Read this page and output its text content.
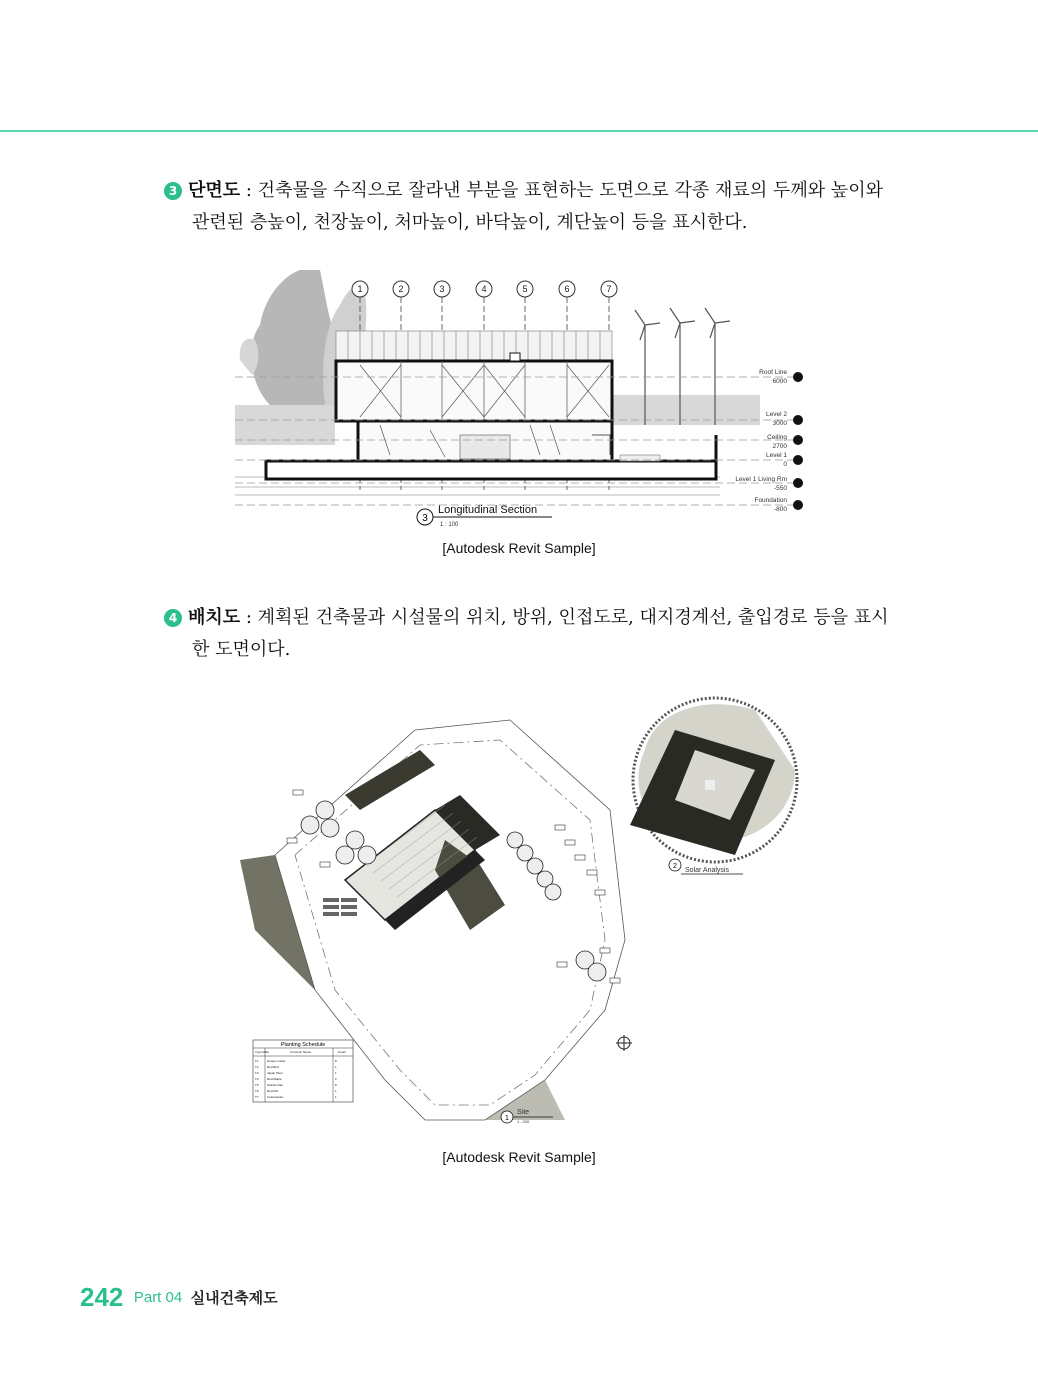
3 단면도 : 건축물을 수직으로 잘라낸 부분을 표현하는 도면으로 각종 재료의 두께와 높이와

관련된 층높이, 천장높이, 처마높이, 바닥높이, 계단높이 등을 표시한다.

1	2	3	4	5	6	7
Roof Line
6000
Level 2
3000
Ceiling
2700
Level 1
0
Level 1 Living Rm
-550
Foundation
-800
3
Longitudinal Section
1 : 100
[Autodesk Revit Sample]

4 배치도 : 계획된 건축물과 시설물의 위치, 방위, 인접도로, 대지경계선, 출입경로 등을 표시

한 도면이다.

Planting Schedule
Type Mark	Common Name	Count
T1	Honey Locust	8
T2	Red Bud	1
T3	Japan Plum	1
T4	Red Maple	2
T5	Scarlet Oak	8
T6	Red Ash	1
T7	Cotoneaster	1
1
Site
1 : 200
2
Solar Analysis
[Autodesk Revit Sample]
242 Part 04 실내건축제도
